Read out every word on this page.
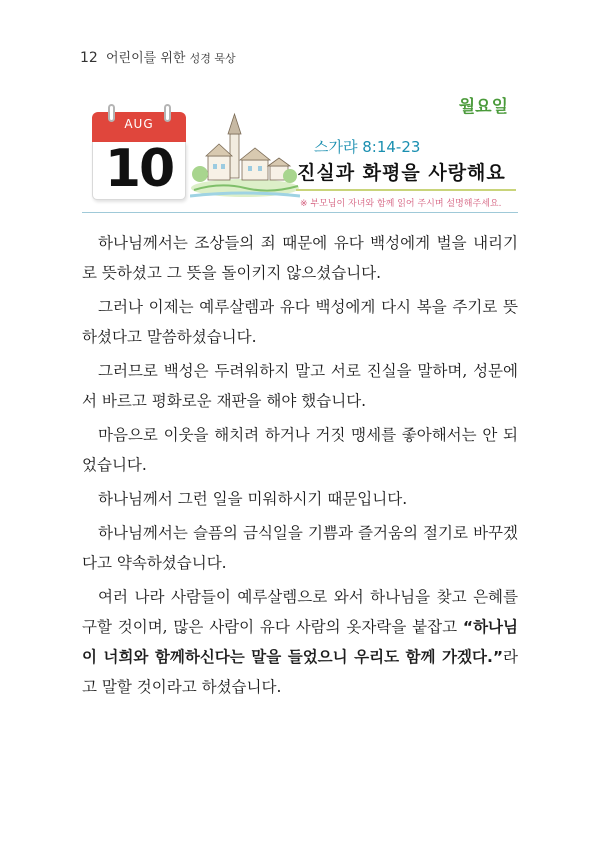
12 어린이를 위한 성경 묵상
월요일
AUG
10	스가랴 8:14-23
진실과 화평을 사랑해요
※ 부모님이 자녀와 함께 읽어 주시며 설명해주세요.

하나님께서는 조상들의 죄 때문에 유다 백성에게 벌을 내리기로 뜻하셨고 그 뜻을 돌이키지 않으셨습니다.

그러나 이제는 예루살렘과 유다 백성에게 다시 복을 주기로 뜻하셨다고 말씀하셨습니다.

그러므로 백성은 두려워하지 말고 서로 진실을 말하며, 성문에서 바르고 평화로운 재판을 해야 했습니다.

마음으로 이웃을 해치려 하거나 거짓 맹세를 좋아해서는 안 되었습니다.

하나님께서 그런 일을 미워하시기 때문입니다.

하나님께서는 슬픔의 금식일을 기쁨과 즐거움의 절기로 바꾸겠다고 약속하셨습니다.

여러 나라 사람들이 예루살렘으로 와서 하나님을 찾고 은혜를 구할 것이며, 많은 사람이 유다 사람의 옷자락을 붙잡고 “하나님이 너희와 함께하신다는 말을 들었으니 우리도 함께 가겠다.”라고 말할 것이라고 하셨습니다.
